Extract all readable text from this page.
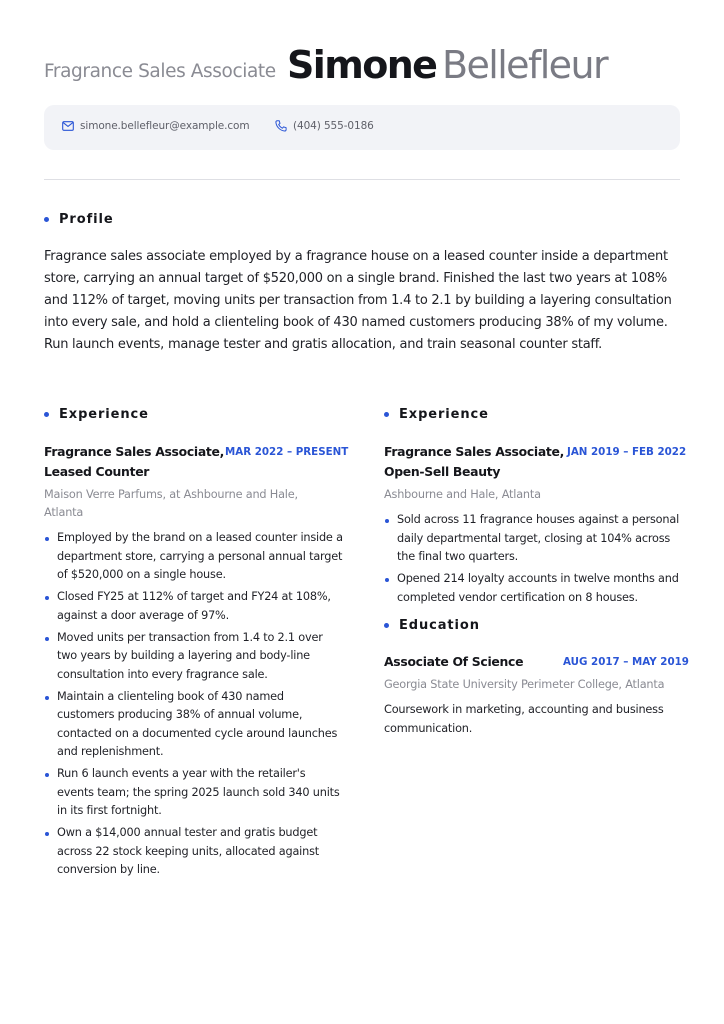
Fragrance Sales Associate Simone Bellefleur
simone.bellefleur@example.com	(404) 555-0186
Profile

Fragrance sales associate employed by a fragrance house on a leased counter inside a department store, carrying an annual target of $520,000 on a single brand. Finished the last two years at 108% and 112% of target, moving units per transaction from 1.4 to 2.1 by building a layering consultation into every sale, and hold a clienteling book of 430 named customers producing 38% of my volume. Run launch events, manage tester and gratis allocation, and train seasonal counter staff.

Experience
Fragrance Sales Associate, MAR 2022 – PRESENT
Leased Counter
Maison Verre Parfums, at Ashbourne and Hale, Atlanta
Employed by the brand on a leased counter inside a department store, carrying a personal annual target of $520,000 on a single house.
Closed FY25 at 112% of target and FY24 at 108%, against a door average of 97%.
Moved units per transaction from 1.4 to 2.1 over two years by building a layering and body-line consultation into every fragrance sale.
Maintain a clienteling book of 430 named customers producing 38% of annual volume, contacted on a documented cycle around launches and replenishment.
Run 6 launch events a year with the retailer's events team; the spring 2025 launch sold 340 units in its first fortnight.
Own a $14,000 annual tester and gratis budget across 22 stock keeping units, allocated against conversion by line.
Experience
Fragrance Sales Associate, JAN 2019 – FEB 2022
Open-Sell Beauty
Ashbourne and Hale, Atlanta
Sold across 11 fragrance houses against a personal daily departmental target, closing at 104% across the final two quarters.
Opened 214 loyalty accounts in twelve months and completed vendor certification on 8 houses.
Education
Associate Of Science	AUG 2017 – MAY 2019
Georgia State University Perimeter College, Atlanta
Coursework in marketing, accounting and business communication.
